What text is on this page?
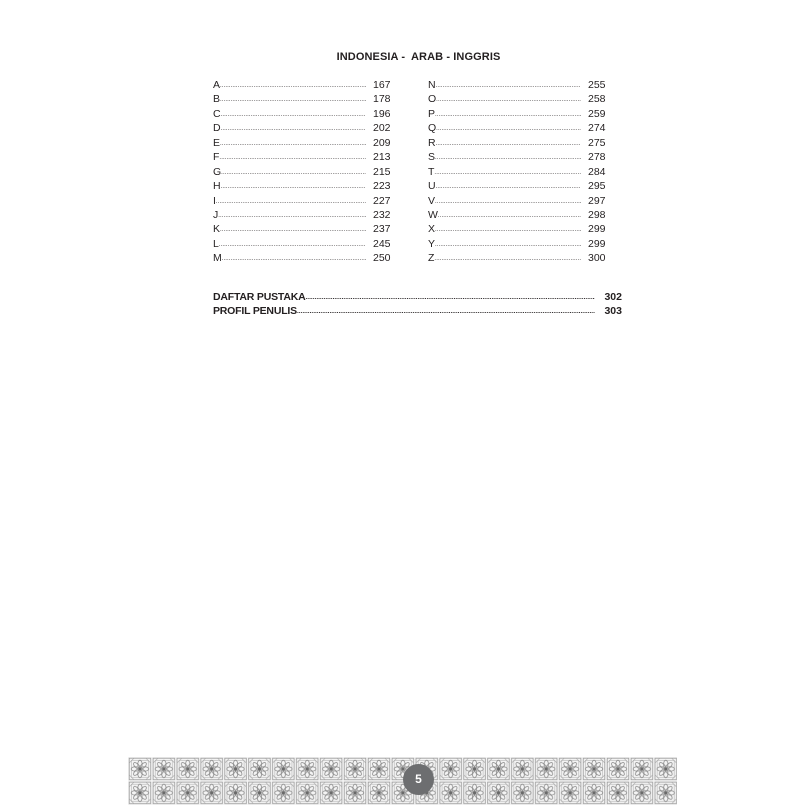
INDONESIA -  ARAB - INGGRIS
A .....	167
B .....	178
C .....	196
D .....	202
E .....	209
F .....	213
G .....	215
H .....	223
I .....	227
J .....	232
K .....	237
L .....	245
M .....	250
N .....	255
O .....	258
P .....	259
Q .....	274
R .....	275
S .....	278
T .....	284
U .....	295
V .....	297
W .....	298
X .....	299
Y .....	299
Z .....	300
DAFTAR PUSTAKA .....	302
PROFIL PENULIS .....	303
5
